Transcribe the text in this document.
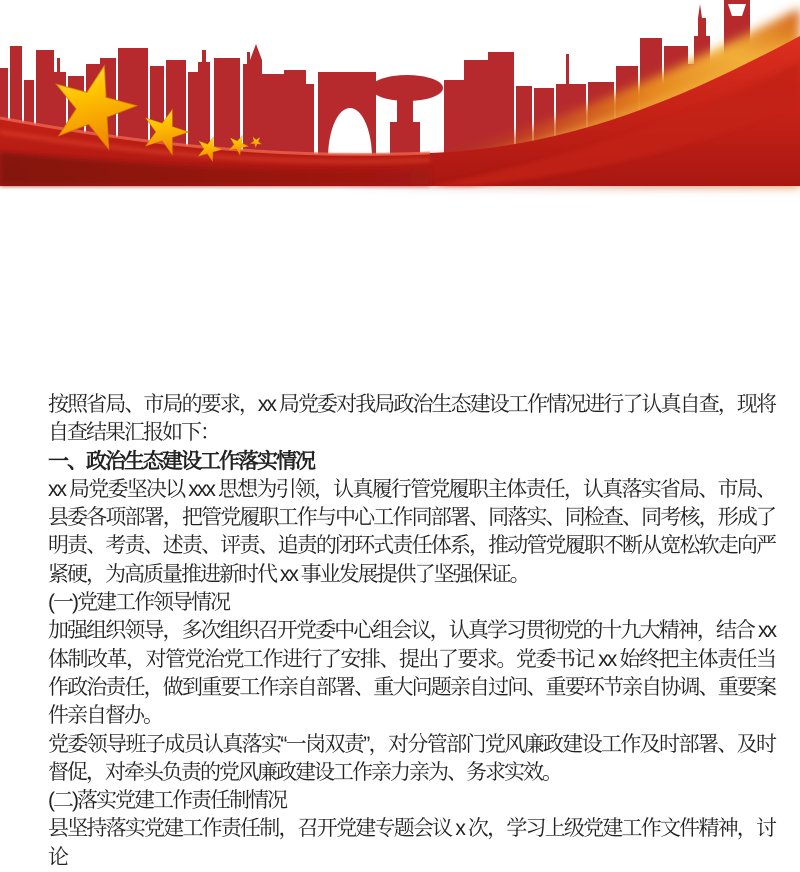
按照省局、市局的要求，xx 局党委对我局政治生态建设工作情况进行了认真自查，现将自查结果汇报如下：

一、政治生态建设工作落实情况

xx 局党委坚决以 xxx 思想为引领，认真履行管党履职主体责任，认真落实省局、市局、县委各项部署，把管党履职工作与中心工作同部署、同落实、同检查、同考核，形成了明责、考责、述责、评责、追责的闭环式责任体系，推动管党履职不断从宽松软走向严紧硬，为高质量推进新时代 xx 事业发展提供了坚强保证。

(一)党建工作领导情况

加强组织领导，多次组织召开党委中心组会议，认真学习贯彻党的十九大精神，结合 xx 体制改革，对管党治党工作进行了安排、提出了要求。党委书记 xx 始终把主体责任当作政治责任，做到重要工作亲自部署、重大问题亲自过问、重要环节亲自协调、重要案件亲自督办。

党委领导班子成员认真落实“一岗双责”，对分管部门党风廉政建设工作及时部署、及时督促，对牵头负责的党风廉政建设工作亲力亲为、务求实效。

(二)落实党建工作责任制情况

县坚持落实党建工作责任制，召开党建专题会议 x 次，学习上级党建工作文件精神，讨论
